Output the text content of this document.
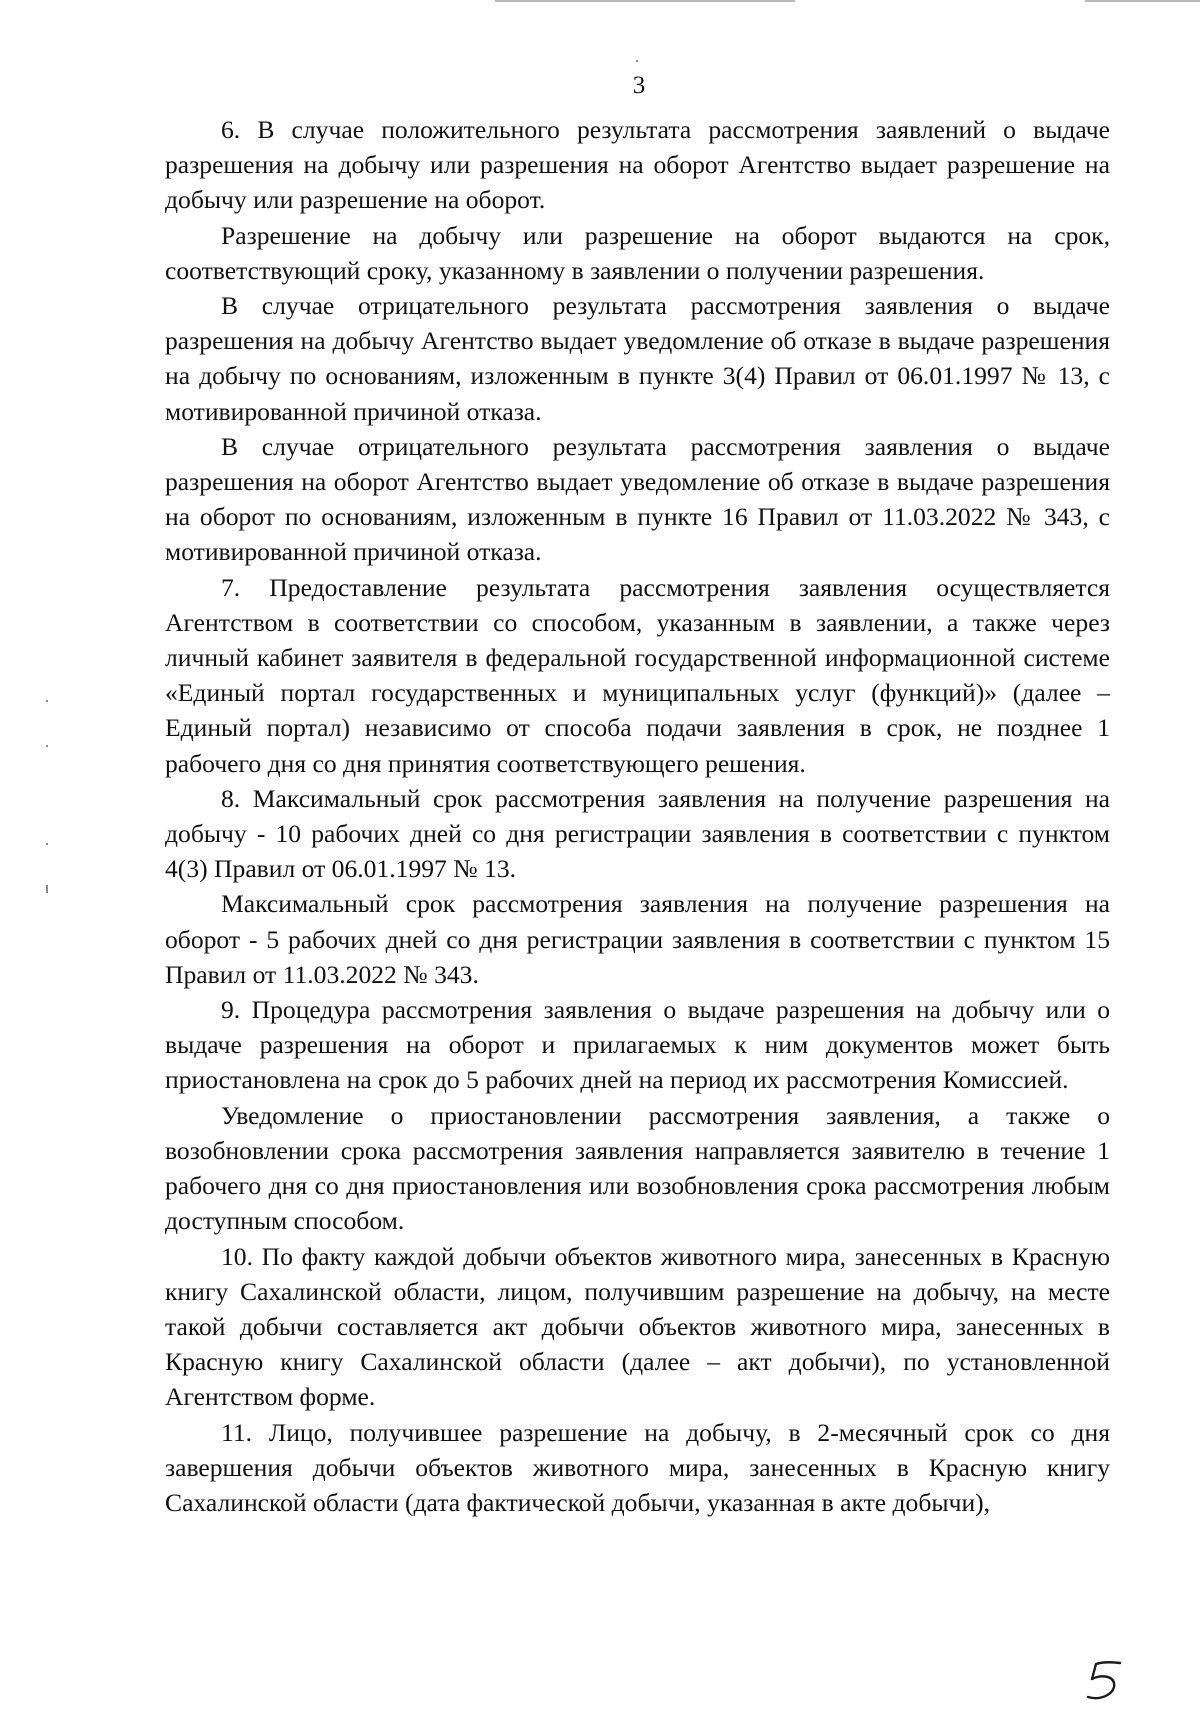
3

6. В случае положительного результата рассмотрения заявлений о выдаче разрешения на добычу или разрешения на оборот Агентство выдает разрешение на добычу или разрешение на оборот.

Разрешение на добычу или разрешение на оборот выдаются на срок, соответствующий сроку, указанному в заявлении о получении разрешения.

В случае отрицательного результата рассмотрения заявления о выдаче разрешения на добычу Агентство выдает уведомление об отказе в выдаче разрешения на добычу по основаниям, изложенным в пункте 3(4) Правил от 06.01.1997 № 13, с мотивированной причиной отказа.

В случае отрицательного результата рассмотрения заявления о выдаче разрешения на оборот Агентство выдает уведомление об отказе в выдаче разрешения на оборот по основаниям, изложенным в пункте 16 Правил от 11.03.2022 № 343, с мотивированной причиной отказа.

7. Предоставление результата рассмотрения заявления осуществляется Агентством в соответствии со способом, указанным в заявлении, а также через личный кабинет заявителя в федеральной государственной информационной системе «Единый портал государственных и муниципальных услуг (функций)» (далее – Единый портал) независимо от способа подачи заявления в срок, не позднее 1 рабочего дня со дня принятия соответствующего решения.

8. Максимальный срок рассмотрения заявления на получение разрешения на добычу - 10 рабочих дней со дня регистрации заявления в соответствии с пунктом 4(3) Правил от 06.01.1997 № 13.

Максимальный срок рассмотрения заявления на получение разрешения на оборот - 5 рабочих дней со дня регистрации заявления в соответствии с пунктом 15 Правил от 11.03.2022 № 343.

9. Процедура рассмотрения заявления о выдаче разрешения на добычу или о выдаче разрешения на оборот и прилагаемых к ним документов может быть приостановлена на срок до 5 рабочих дней на период их рассмотрения Комиссией.

Уведомление о приостановлении рассмотрения заявления, а также о возобновлении срока рассмотрения заявления направляется заявителю в течение 1 рабочего дня со дня приостановления или возобновления срока рассмотрения любым доступным способом.

10. По факту каждой добычи объектов животного мира, занесенных в Красную книгу Сахалинской области, лицом, получившим разрешение на добычу, на месте такой добычи составляется акт добычи объектов животного мира, занесенных в Красную книгу Сахалинской области (далее – акт добычи), по установленной Агентством форме.

11. Лицо, получившее разрешение на добычу, в 2-месячный срок со дня завершения добычи объектов животного мира, занесенных в Красную книгу Сахалинской области (дата фактической добычи, указанная в акте добычи),
